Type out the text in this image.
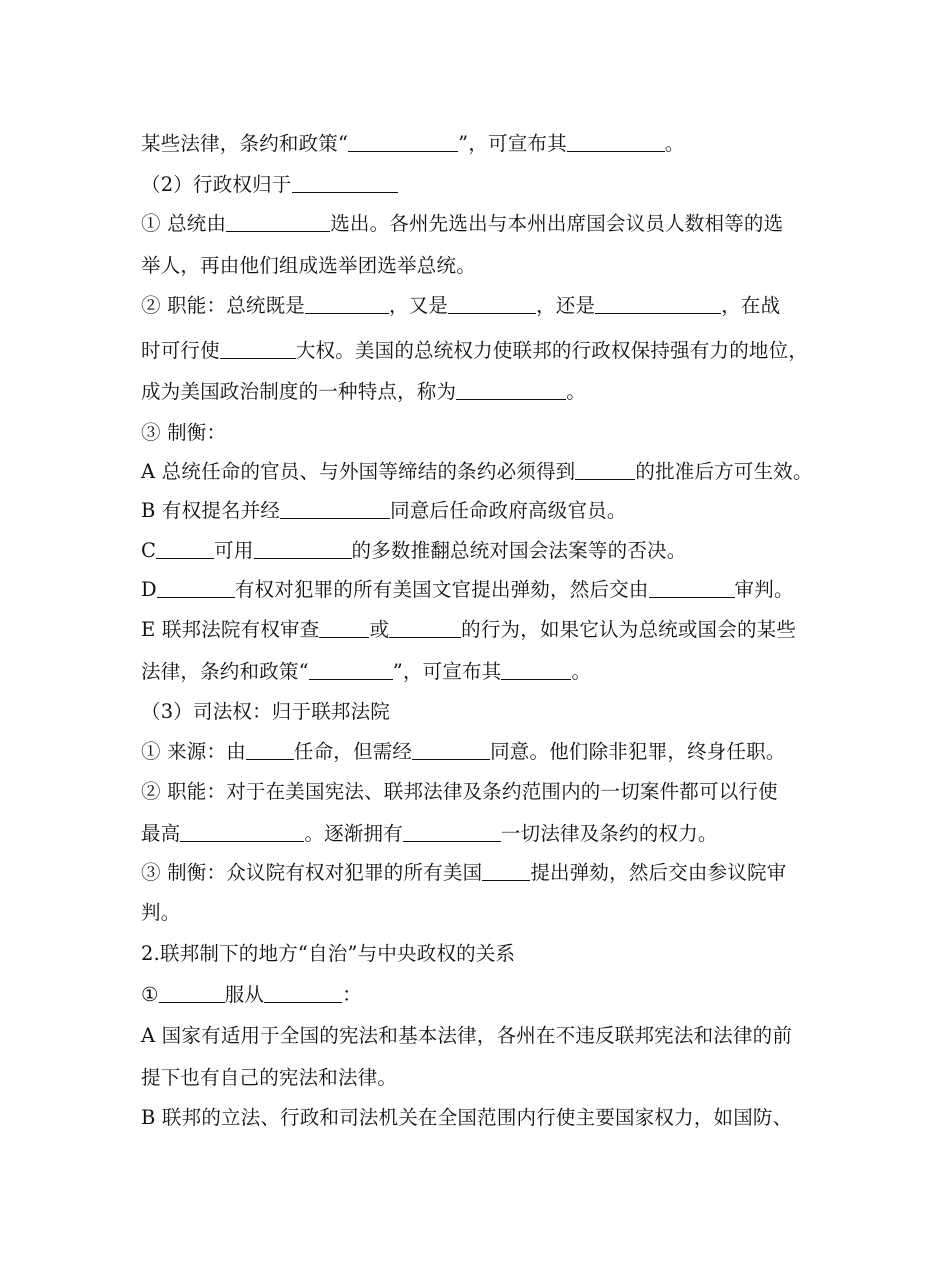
某些法律，条约和政策“	”，可宣布其	。
（2）行政权归于
① 总统由	选出。各州先选出与本州出席国会议员人数相等的选
举人，再由他们组成选举团选举总统。
② 职能：总统既是	，又是	，还是	，在战
时可行使	大权。美国的总统权力使联邦的行政权保持强有力的地位，
成为美国政治制度的一种特点，称为	。
③ 制衡：
A 总统任命的官员、与外国等缔结的条约必须得到	的批准后方可生效。
B 有权提名并经	同意后任命政府高级官员。
C	可用	的多数推翻总统对国会法案等的否决。
D	有权对犯罪的所有美国文官提出弹劾，然后交由	审判。
E 联邦法院有权审查	或	的行为，如果它认为总统或国会的某些
法律，条约和政策“	”，可宣布其	。
（3）司法权：归于联邦法院
① 来源：由 任命，但需经	同意。他们除非犯罪，终身任职。
② 职能：对于在美国宪法、联邦法律及条约范围内的一切案件都可以行使
最高	。逐渐拥有	一切法律及条约的权力。
③ 制衡：众议院有权对犯罪的所有美国 提出弹劾，然后交由参议院审
判。
2.联邦制下的地方“自治”与中央政权的关系
①	服从	：
A 国家有适用于全国的宪法和基本法律，各州在不违反联邦宪法和法律的前
提下也有自己的宪法和法律。
B 联邦的立法、行政和司法机关在全国范围内行使主要国家权力，如国防、
